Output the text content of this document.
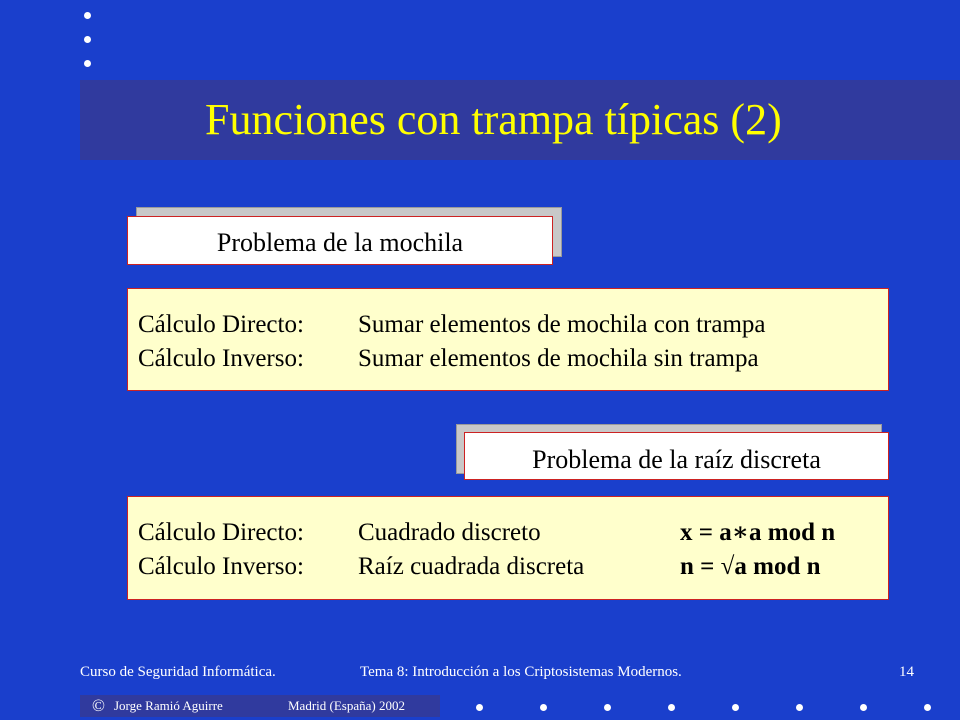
Funciones con trampa típicas (2)
Problema de la mochila
Cálculo Directo: Sumar elementos de mochila con trampa
Cálculo Inverso: Sumar elementos de mochila sin trampa
Problema de la raíz discreta
Cálculo Directo: Cuadrado discreto	x = a∗a mod n
Cálculo Inverso: Raíz cuadrada discreta	n = √a mod n
Curso de Seguridad Informática.	Tema 8: Introducción a los Criptosistemas Modernos.	14
© Jorge Ramió Aguirre	Madrid (España) 2002
